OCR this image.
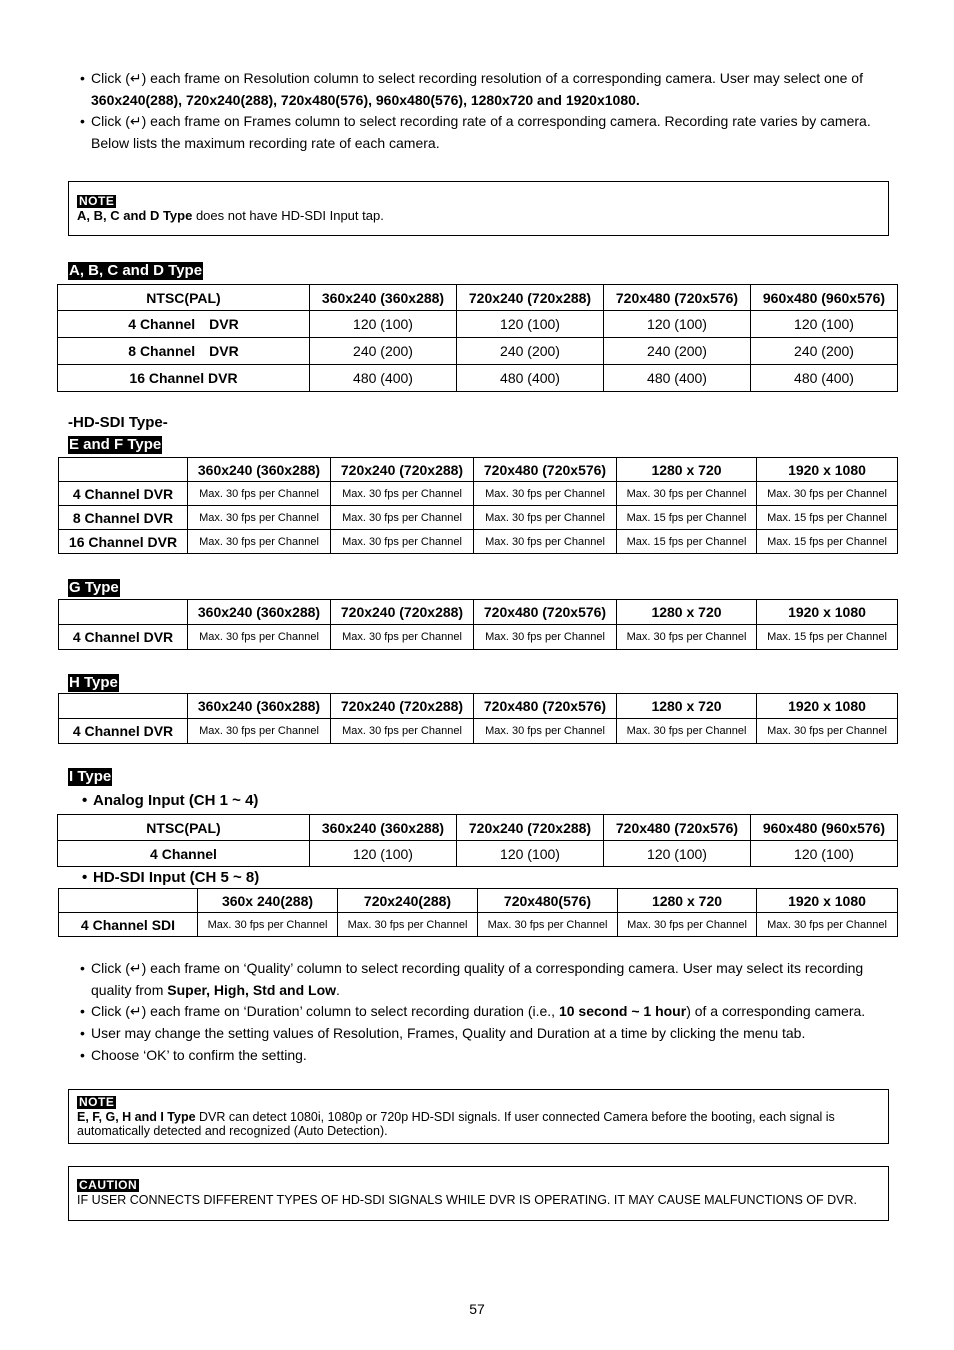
• Click (↵) each frame on Resolution column to select recording resolution of a corresponding camera. User may select one of 360x240(288), 720x240(288), 720x480(576), 960x480(576), 1280x720 and 1920x1080.
• Click (↵) each frame on Frames column to select recording rate of a corresponding camera. Recording rate varies by camera. Below lists the maximum recording rate of each camera.
NOTE
A, B, C and D Type does not have HD-SDI Input tap.
A, B, C and D Type
NTSC(PAL)	360x240 (360x288)	720x240 (720x288)	720x480 (720x576)	960x480 (960x576)
4 Channel　DVR	120 (100)	120 (100)	120 (100)	120 (100)
8 Channel　DVR	240 (200)	240 (200)	240 (200)	240 (200)
16 Channel DVR	480 (400)	480 (400)	480 (400)	480 (400)
-HD-SDI Type-
E and F Type
	360x240 (360x288)	720x240 (720x288)	720x480 (720x576)	1280 x 720	1920 x 1080
4 Channel DVR	Max. 30 fps per Channel	Max. 30 fps per Channel	Max. 30 fps per Channel	Max. 30 fps per Channel	Max. 30 fps per Channel
8 Channel DVR	Max. 30 fps per Channel	Max. 30 fps per Channel	Max. 30 fps per Channel	Max. 15 fps per Channel	Max. 15 fps per Channel
16 Channel DVR	Max. 30 fps per Channel	Max. 30 fps per Channel	Max. 30 fps per Channel	Max. 15 fps per Channel	Max. 15 fps per Channel
G Type
	360x240 (360x288)	720x240 (720x288)	720x480 (720x576)	1280 x 720	1920 x 1080
4 Channel DVR	Max. 30 fps per Channel	Max. 30 fps per Channel	Max. 30 fps per Channel	Max. 30 fps per Channel	Max. 15 fps per Channel
H Type
	360x240 (360x288)	720x240 (720x288)	720x480 (720x576)	1280 x 720	1920 x 1080
4 Channel DVR	Max. 30 fps per Channel	Max. 30 fps per Channel	Max. 30 fps per Channel	Max. 30 fps per Channel	Max. 30 fps per Channel
I Type
• Analog Input (CH 1 ~ 4)
NTSC(PAL)	360x240 (360x288)	720x240 (720x288)	720x480 (720x576)	960x480 (960x576)
4 Channel	120 (100)	120 (100)	120 (100)	120 (100)
• HD-SDI Input (CH 5 ~ 8)
	360x 240(288)	720x240(288)	720x480(576)	1280 x 720	1920 x 1080
4 Channel SDI	Max. 30 fps per Channel	Max. 30 fps per Channel	Max. 30 fps per Channel	Max. 30 fps per Channel	Max. 30 fps per Channel
• Click (↵) each frame on ‘Quality’ column to select recording quality of a corresponding camera. User may select its recording quality from Super, High, Std and Low.
• Click (↵) each frame on ‘Duration’ column to select recording duration (i.e., 10 second ~ 1 hour) of a corresponding camera.
• User may change the setting values of Resolution, Frames, Quality and Duration at a time by clicking the menu tab.
• Choose ‘OK’ to confirm the setting.
NOTE
E, F, G, H and I Type DVR can detect 1080i, 1080p or 720p HD-SDI signals. If user connected Camera before the booting, each signal is automatically detected and recognized (Auto Detection).
CAUTION
IF USER CONNECTS DIFFERENT TYPES OF HD-SDI SIGNALS WHILE DVR IS OPERATING. IT MAY CAUSE MALFUNCTIONS OF DVR.
57
